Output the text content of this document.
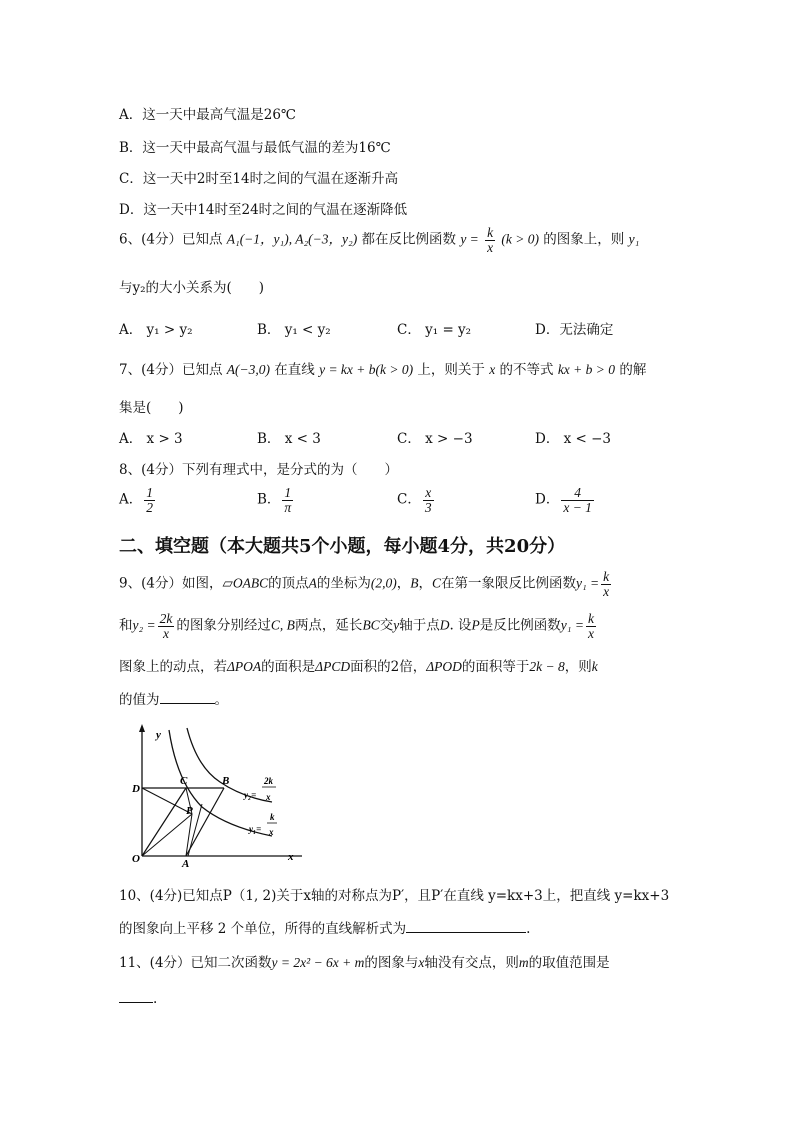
A．这一天中最高气温是26℃
B．这一天中最高气温与最低气温的差为16℃
C．这一天中2时至14时之间的气温在逐渐升高
D．这一天中14时至24时之间的气温在逐渐降低
6、(4分）已知点 A₁(−1，y₁), A₂(−3，y₂) 都在反比例函数 $y = \frac{k}{x} (k > 0)$ 的图象上，则 y₁
与y₂的大小关系为(　　)
A． y₁ > y₂	B． y₁ < y₂	C． y₁ = y₂	D．无法确定
7、(4分）已知点 A(−3,0) 在直线 y = kx + b(k > 0) 上，则关于 x 的不等式 kx + b > 0 的解
集是(　　)
A． x > 3	B． x < 3	C． x > −3	D． x < −3
8、(4分）下列有理式中，是分式的为（　　）
A． $\frac{1}{2}$	B． $\frac{1}{\pi}$	C． $\frac{x}{3}$	D． $\frac{4}{x - 1}$
二、填空题（本大题共5个小题，每小题4分，共20分）
9、(4分）如图，▱OABC的顶点A的坐标为(2,0)，B，C在第一象限反比例函数$y_1 = \frac{k}{x}$
和$y_2 = \frac{2k}{x}$ 的图象分别经过C, B两点，延长BC交y轴于点D. 设P是反比例函数$y_1 = \frac{k}{x}$
图象上的动点，若ΔPOA的面积是ΔPCD面积的2倍，ΔPOD的面积等于2k − 8，则k
的值为	。
y
x
O	A
D
C	B
P
y₂=
2k
x
y₁=
k
x
10、(4分)已知点P（1, 2)关于x轴的对称点为P′，且P′在直线 y=kx+3上，把直线 y=kx+3
的图象向上平移 2 个单位，所得的直线解析式为	.
11、(4分）已知二次函数y = 2x² − 6x + m的图象与x轴没有交点，则m的取值范围是
.
